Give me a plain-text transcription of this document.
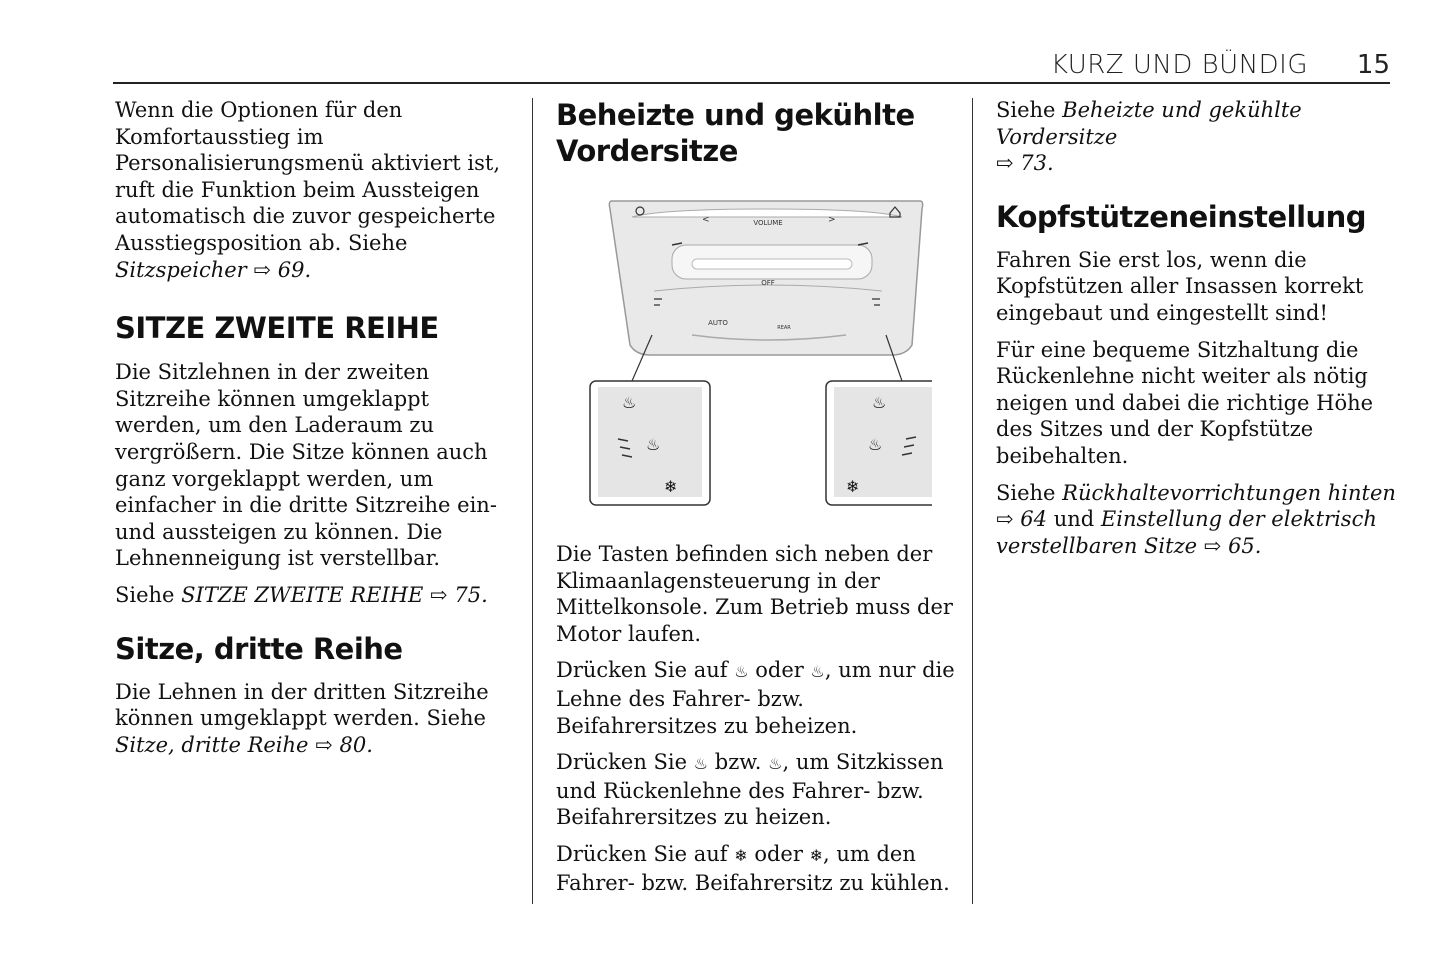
KURZ UND BÜNDIG 15

Wenn die Optionen für den Komfortausstieg im Personalisierungsmenü aktiviert ist, ruft die Funktion beim Aussteigen automatisch die zuvor gespeicherte Ausstiegsposition ab. Siehe Sitzspeicher ⇨ 69.

SITZE ZWEITE REIHE

Die Sitzlehnen in der zweiten Sitzreihe können umgeklappt werden, um den Laderaum zu vergrößern. Die Sitze können auch ganz vorgeklappt werden, um einfacher in die dritte Sitzreihe ein- und aussteigen zu können. Die Lehnenneigung ist verstellbar.

Siehe SITZE ZWEITE REIHE ⇨ 75.

Sitze, dritte Reihe

Die Lehnen in der dritten Sitzreihe können umgeklappt werden. Siehe Sitze, dritte Reihe ⇨ 80.

Beheizte und gekühlte Vordersitze
<	VOLUME	>
OFF
AUTO
REAR
♨
♨
❄
♨
♨
❄

Die Tasten befinden sich neben der Klimaanlagensteuerung in der Mittelkonsole. Zum Betrieb muss der Motor laufen.

Drücken Sie auf ♨ oder ♨, um nur die Lehne des Fahrer- bzw. Beifahrersitzes zu beheizen.

Drücken Sie ♨ bzw. ♨, um Sitzkissen und Rückenlehne des Fahrer- bzw. Beifahrersitzes zu heizen.

Drücken Sie auf ❄ oder ❄, um den Fahrer- bzw. Beifahrersitz zu kühlen.

Siehe Beheizte und gekühlte Vordersitze
⇨ 73.

Kopfstützeneinstellung

Fahren Sie erst los, wenn die Kopfstützen aller Insassen korrekt eingebaut und eingestellt sind!

Für eine bequeme Sitzhaltung die Rückenlehne nicht weiter als nötig neigen und dabei die richtige Höhe des Sitzes und der Kopfstütze beibehalten.

Siehe Rückhaltevorrichtungen hinten
⇨ 64 und Einstellung der elektrisch verstellbaren Sitze ⇨ 65.
